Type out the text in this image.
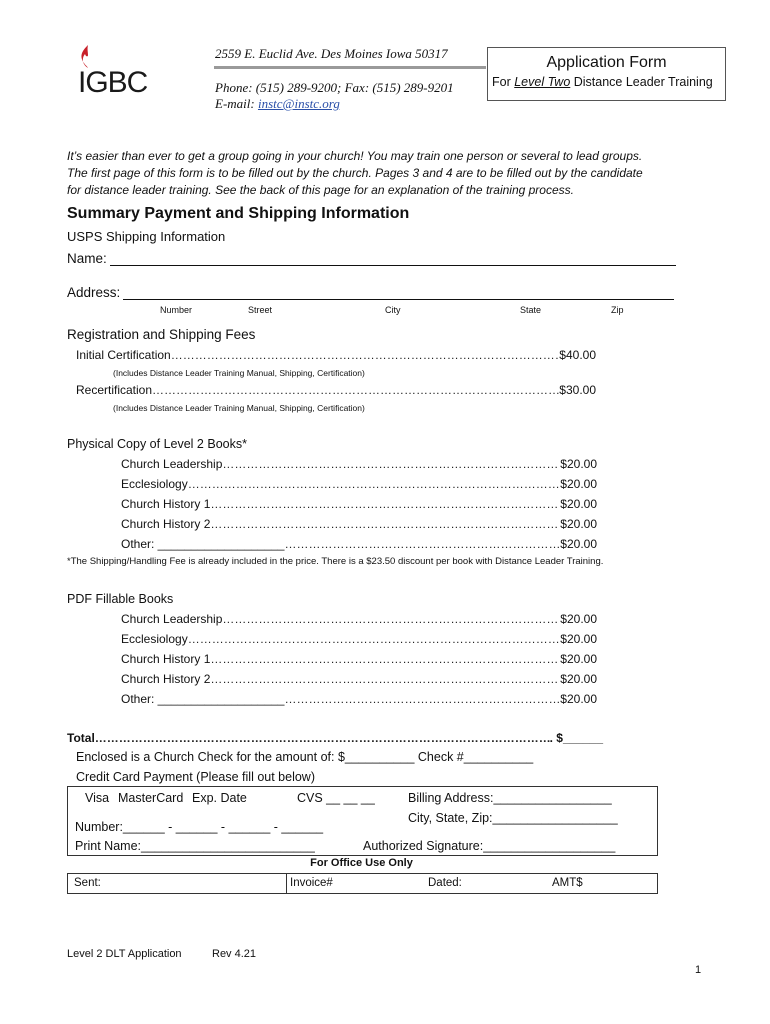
IGBC
2559 E. Euclid Ave. Des Moines Iowa 50317
Phone: (515) 289-9200; Fax: (515) 289-9201
E-mail: instc@instc.org
Application Form
For Level Two Distance Leader Training
It’s easier than ever to get a group going in your church! You may train one person or several to lead groups.
The first page of this form is to be filled out by the church. Pages 3 and 4 are to be filled out by the candidate
for distance leader training. See the back of this page for an explanation of the training process.
Summary Payment and Shipping Information
USPS Shipping Information
Name:
Address:
Number	Street	City	State	Zip
Registration and Shipping Fees
Initial Certification ……………………………………………………………………………………………………………………………………………………………………………………………………………………………………	$40.00
(Includes Distance Leader Training Manual, Shipping, Certification)
Recertification ……………………………………………………………………………………………………………………………………………………………………………………………………………………………………	$30.00
(Includes Distance Leader Training Manual, Shipping, Certification)
Physical Copy of Level 2 Books*
Church Leadership ……………………………………………………………………………………………………………………………………………………………………………………………………………………………………	$20.00
Ecclesiology ……………………………………………………………………………………………………………………………………………………………………………………………………………………………………	$20.00
Church History 1 ……………………………………………………………………………………………………………………………………………………………………………………………………………………………………	$20.00
Church History 2 ……………………………………………………………………………………………………………………………………………………………………………………………………………………………………	$20.00
Other: ___________________ ……………………………………………………………………………………………………………………………………………………………………………………………………………………………………	$20.00
*The Shipping/Handling Fee is already included in the price. There is a $23.50 discount per book with Distance Leader Training.
PDF Fillable Books
Church Leadership ……………………………………………………………………………………………………………………………………………………………………………………………………………………………………	$20.00
Ecclesiology ……………………………………………………………………………………………………………………………………………………………………………………………………………………………………	$20.00
Church History 1 ……………………………………………………………………………………………………………………………………………………………………………………………………………………………………	$20.00
Church History 2 ……………………………………………………………………………………………………………………………………………………………………………………………………………………………………	$20.00
Other: ___________________ ……………………………………………………………………………………………………………………………………………………………………………………………………………………………………	$20.00
Total ……………………………………………………………………………………………………………………………………………………………………………………………………………………………………	. $______
Enclosed is a Church Check for the amount of: $__________ Check #__________
Credit Card Payment (Please fill out below)
Visa MasterCard Exp. Date	CVS __ __ __	Billing Address:_________________
City, State, Zip:__________________
Number:______ - ______ - ______ - ______
Print Name:_________________________	Authorized Signature:___________________
For Office Use Only
Sent:	Invoice#	Dated:	AMT$
Level 2 DLT Application	Rev 4.21
1
